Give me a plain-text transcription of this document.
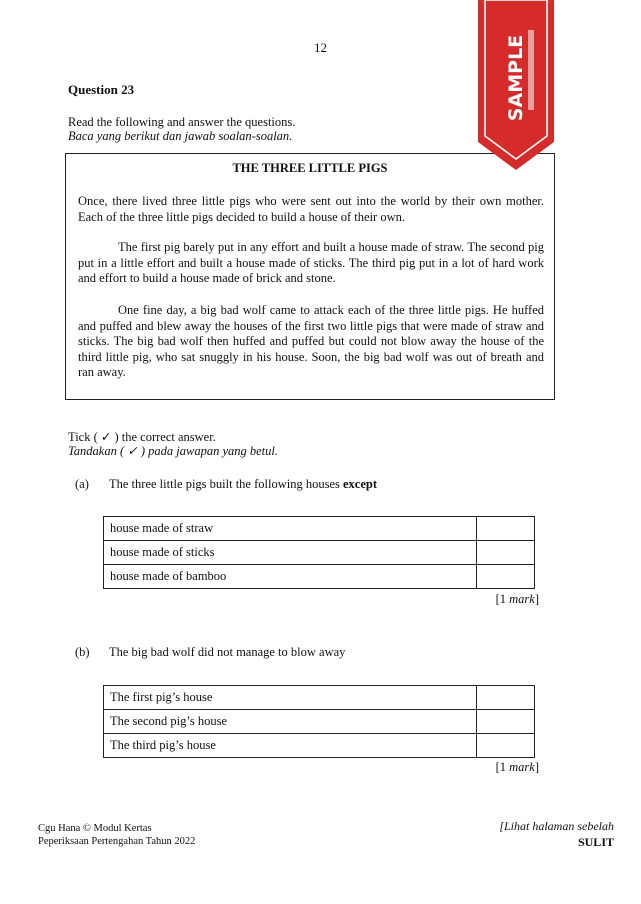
12
Question 23
Read the following and answer the questions.
Baca yang berikut dan jawab soalan-soalan.
THE THREE LITTLE PIGS
Once, there lived three little pigs who were sent out into the world by their own mother. Each of the three little pigs decided to build a house of their own.
The first pig barely put in any effort and built a house made of straw. The second pig put in a little effort and built a house made of sticks. The third pig put in a lot of hard work and effort to build a house made of brick and stone.
One fine day, a big bad wolf came to attack each of the three little pigs. He huffed and puffed and blew away the houses of the first two little pigs that were made of straw and sticks. The big bad wolf then huffed and puffed but could not blow away the house of the third little pig, who sat snuggly in his house. Soon, the big bad wolf was out of breath and ran away.
Tick ( ✓ ) the correct answer.
Tandakan ( ✓ ) pada jawapan yang betul.
(a) The three little pigs built the following houses except
house made of straw	
house made of sticks	
house made of bamboo	
[1 mark]
(b) The big bad wolf did not manage to blow away
The first pig’s house	
The second pig’s house	
The third pig’s house	
[1 mark]
Cgu Hana © Modul Kertas
Peperiksaan Pertengahan Tahun 2022
[Lihat halaman sebelah
SULIT
SAMPLE
